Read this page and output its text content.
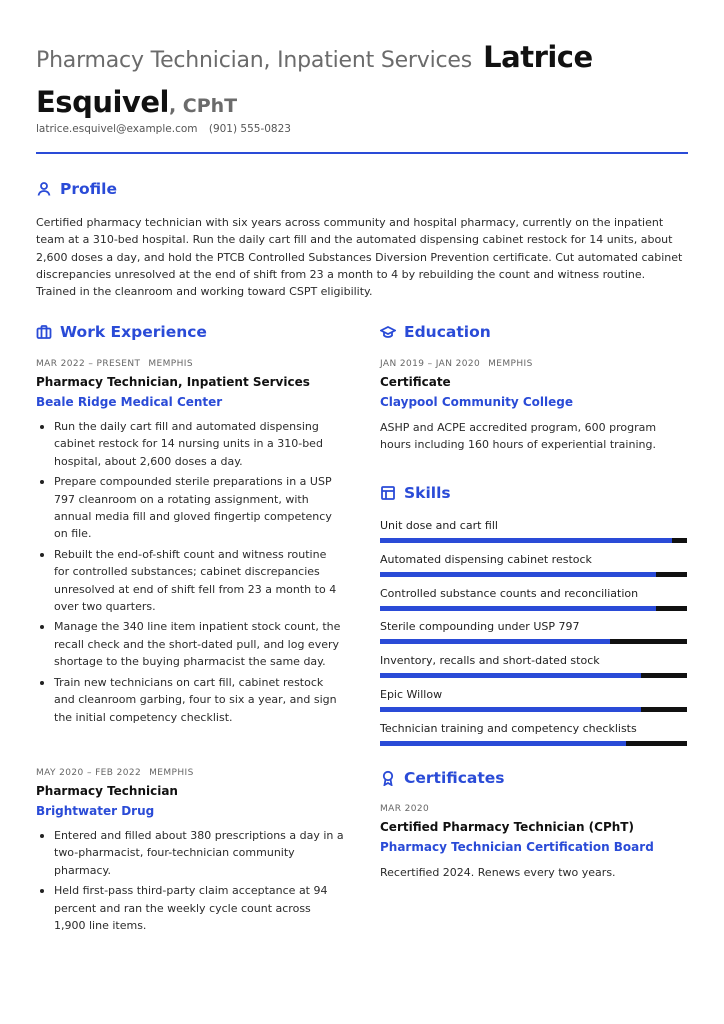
Pharmacy Technician, Inpatient Services Latrice Esquivel, CPhT
latrice.esquivel@example.com (901) 555-0823
Profile

Certified pharmacy technician with six years across community and hospital pharmacy, currently on the inpatient team at a 310-bed hospital. Run the daily cart fill and the automated dispensing cabinet restock for 14 units, about 2,600 doses a day, and hold the PTCB Controlled Substances Diversion Prevention certificate. Cut automated cabinet discrepancies unresolved at the end of shift from 23 a month to 4 by rebuilding the count and witness routine. Trained in the cleanroom and working toward CSPT eligibility.

Work Experience
MAR 2022 – PRESENT MEMPHIS
Pharmacy Technician, Inpatient Services
Beale Ridge Medical Center
Run the daily cart fill and automated dispensing cabinet restock for 14 nursing units in a 310-bed hospital, about 2,600 doses a day.
Prepare compounded sterile preparations in a USP 797 cleanroom on a rotating assignment, with annual media fill and gloved fingertip competency on file.
Rebuilt the end-of-shift count and witness routine for controlled substances; cabinet discrepancies unresolved at end of shift fell from 23 a month to 4 over two quarters.
Manage the 340 line item inpatient stock count, the recall check and the short-dated pull, and log every shortage to the buying pharmacist the same day.
Train new technicians on cart fill, cabinet restock and cleanroom garbing, four to six a year, and sign the initial competency checklist.
MAY 2020 – FEB 2022 MEMPHIS
Pharmacy Technician
Brightwater Drug
Entered and filled about 380 prescriptions a day in a two-pharmacist, four-technician community pharmacy.
Held first-pass third-party claim acceptance at 94 percent and ran the weekly cycle count across 1,900 line items.
Education
JAN 2019 – JAN 2020 MEMPHIS
Certificate
Claypool Community College

ASHP and ACPE accredited program, 600 program hours including 160 hours of experiential training.

Skills
Unit dose and cart fill
Automated dispensing cabinet restock
Controlled substance counts and reconciliation
Sterile compounding under USP 797
Inventory, recalls and short-dated stock
Epic Willow
Technician training and competency checklists
Certificates
MAR 2020
Certified Pharmacy Technician (CPhT)
Pharmacy Technician Certification Board

Recertified 2024. Renews every two years.
